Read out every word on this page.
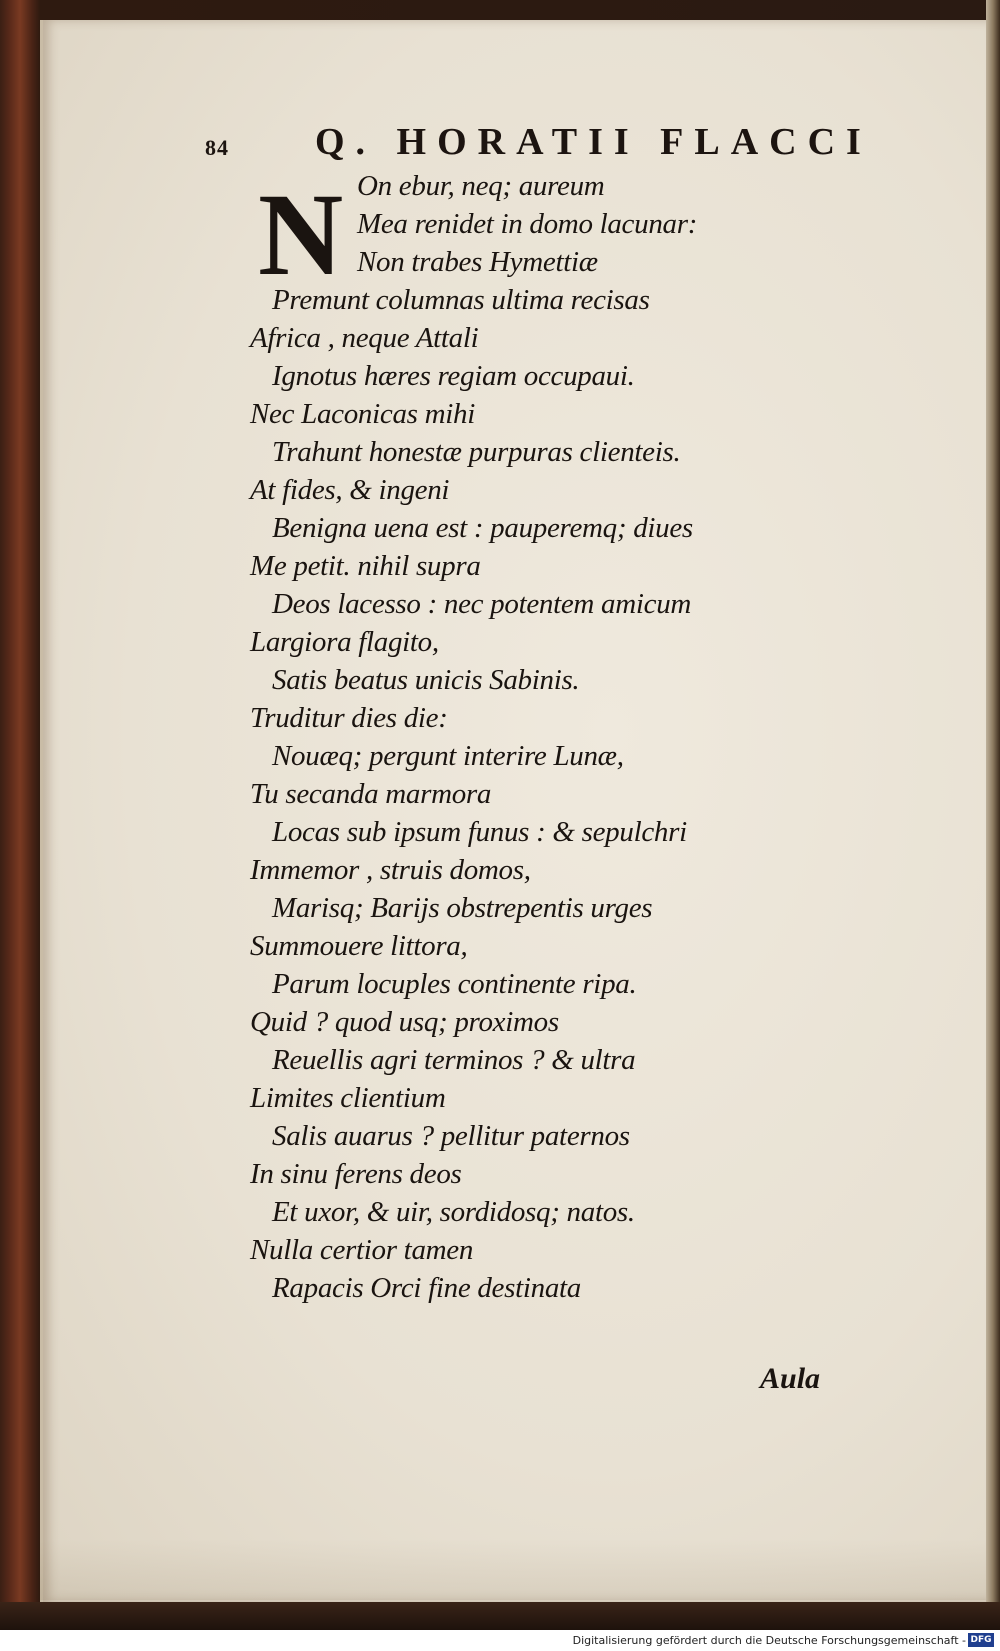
84 Q. HORATII FLACCI
N On ebur, neq; aureum
Mea renidet in domo lacunar:
Non trabes Hymettiæ
Premunt columnas ultima recisas
Africa , neque Attali
Ignotus hæres regiam occupaui.
Nec Laconicas mihi
Trahunt honestæ purpuras clienteis.
At fides, & ingeni
Benigna uena est : pauperemq; diues
Me petit. nihil supra
Deos lacesso : nec potentem amicum
Largiora flagito,
Satis beatus unicis Sabinis.
Truditur dies die:
Nouæq; pergunt interire Lunæ,
Tu secanda marmora
Locas sub ipsum funus : & sepulchri
Immemor , struis domos,
Marisq; Barijs obstrepentis urges
Summouere littora,
Parum locuples continente ripa.
Quid ? quod usq; proximos
Reuellis agri terminos ? & ultra
Limites clientium
Salis auarus ? pellitur paternos
In sinu ferens deos
Et uxor, & uir, sordidosq; natos.
Nulla certior tamen
Rapacis Orci fine destinata
Aula
Digitalisierung gefördert durch die Deutsche Forschungsgemeinschaft - DFG
